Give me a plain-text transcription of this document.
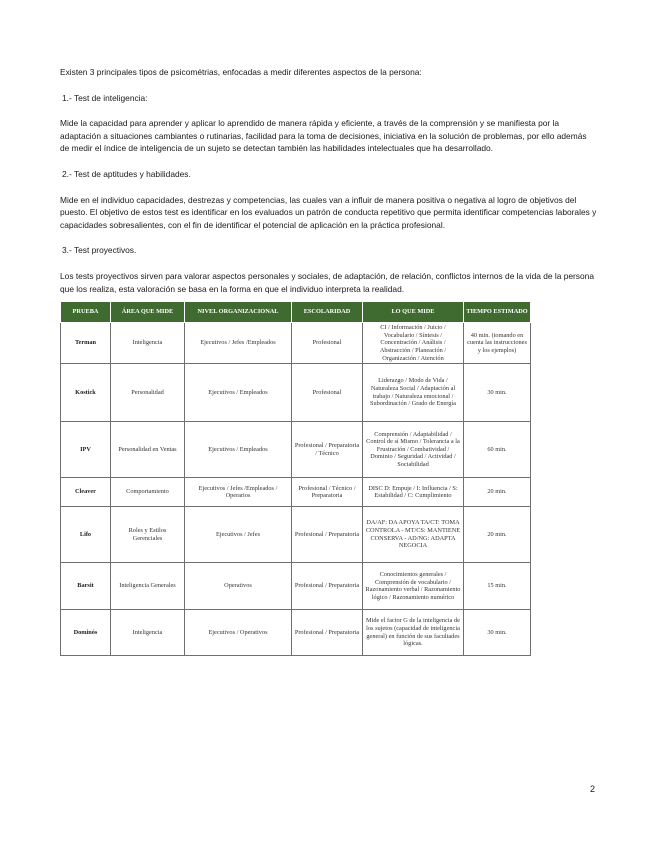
Existen 3 principales tipos de psicométrias, enfocadas a medir diferentes aspectos de la persona:

1.- Test de inteligencia:

Mide la capacidad para aprender y aplicar lo aprendido de manera rápida y eficiente, a través de la comprensión y se manifiesta por la adaptación a situaciones cambiantes o rutinarias, facilidad para la toma de decisiones, iniciativa en la solución de problemas, por ello además de medir el índice de inteligencia de un sujeto se detectan también las habilidades intelectuales que ha desarrollado.

2.- Test de aptitudes y habilidades.

Mide en el individuo capacidades, destrezas y competencias, las cuales van a influir de manera positiva o negativa al logro de objetivos del puesto. El objetivo de estos test es identificar en los evaluados un patrón de conducta repetitivo que permita identificar competencias laborales y capacidades sobresalientes, con el fin de identificar el potencial de aplicación en la práctica profesional.

3.- Test proyectivos.

Los tests proyectivos sirven para valorar aspectos personales y sociales, de adaptación, de relación, conflictos internos de la vida de la persona que los realiza, esta valoración se basa en la forma en que el individuo interpreta la realidad.

PRUEBA	ÁREA QUE MIDE	NIVEL ORGANIZACIONAL	ESCOLARIDAD	LO QUE MIDE	TIEMPO ESTIMADO
Terman	Inteligencia	Ejecutivos / Jefes /Empleados	Profesional	CI / Información / Juicio / Vocabulario / Síntesis / Concentración / Análisis / Abstracción / Planeación / Organización / Atención	40 min. (tomando en cuenta las instrucciones y los ejemplos)
Kostick	Personalidad	Ejecutivos / Empleados	Profesional	Liderazgo / Modo de Vida / Naturaleza Social / Adaptación al trabajo / Naturaleza emocional / Subordinación / Grado de Energía	30 min.
IPV	Personalidad en Ventas	Ejecutivos / Empleados	Profesional / Preparatoria / Técnico	Comprensión / Adaptabilidad / Control de sí Mismo / Tolerancia a la Frustración / Combatividad / Dominio / Seguridad / Actividad / Sociabilidad	60 min.
Cleaver	Comportamiento	Ejecutivos / Jefes /Empleados / Operarios	Profesional / Técnico / Preparatoria	DISC D: Empuje / I: Influencia / S: Estabilidad / C: Cumplimiento	20 min.
Lifo	Roles y Estilos Gerenciales	Ejecutivos / Jefes	Profesional / Preparatoria	DA/AF: DA APOYA TA/CT: TOMA CONTROLA - MT/CS: MANTIENE CONSERVA - AD/NG: ADAPTA NEGOCIA	20 min.
Barsit	Inteligencia Generales	Operativos	Profesional / Preparatoria	Conocimientos generales / Comprensión de vocabulario / Razonamiento verbal / Razonamiento lógico / Razonamiento numérico	15 min.
Dominós	Inteligencia	Ejecutivos / Operativos	Profesional / Preparatoria	Mide el factor G de la inteligencia de los sujetos (capacidad de inteligencia general) en función de sus facultades lógicas.	30 min.
2
